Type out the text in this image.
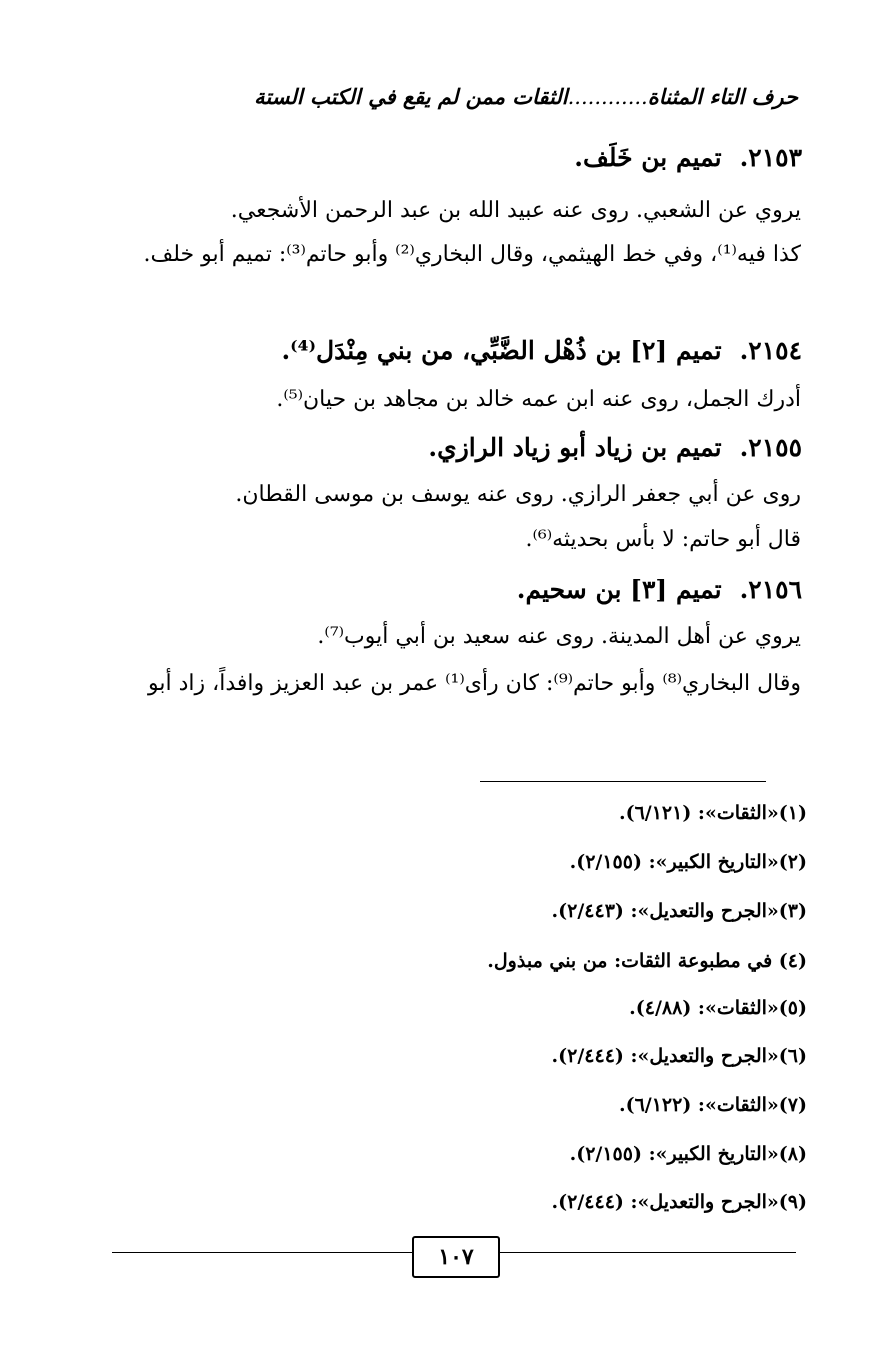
حرف التاء المثناة............الثقات ممن لم يقع في الكتب الستة
٢١٥٣.تميم بن خَلَف.
يروي عن الشعبي. روى عنه عبيد الله بن عبد الرحمن الأشجعي.
كذا فيه⁽¹⁾، وفي خط الهيثمي، وقال البخاري⁽²⁾ وأبو حاتم⁽³⁾: تميم أبو خلف.
٢١٥٤.تميم [٢] بن ذُهْل الضَّبِّي، من بني مِنْدَل⁽⁴⁾.
أدرك الجمل، روى عنه ابن عمه خالد بن مجاهد بن حيان⁽⁵⁾.
٢١٥٥.تميم بن زياد أبو زياد الرازي.
روى عن أبي جعفر الرازي. روى عنه يوسف بن موسى القطان.
قال أبو حاتم: لا بأس بحديثه⁽⁶⁾.
٢١٥٦.تميم [٣] بن سحيم.
يروي عن أهل المدينة. روى عنه سعيد بن أبي أيوب⁽⁷⁾.
وقال البخاري⁽⁸⁾ وأبو حاتم⁽⁹⁾: كان رأى⁽¹⁾ عمر بن عبد العزيز وافداً، زاد أبو
(١)«الثقات»: (٦/١٢١).
(٢)«التاريخ الكبير»: (٢/١٥٥).
(٣)«الجرح والتعديل»: (٢/٤٤٣).
(٤) في مطبوعة الثقات: من بني مبذول.
(٥)«الثقات»: (٤/٨٨).
(٦)«الجرح والتعديل»: (٢/٤٤٤).
(٧)«الثقات»: (٦/١٢٢).
(٨)«التاريخ الكبير»: (٢/١٥٥).
(٩)«الجرح والتعديل»: (٢/٤٤٤).
١٠٧
